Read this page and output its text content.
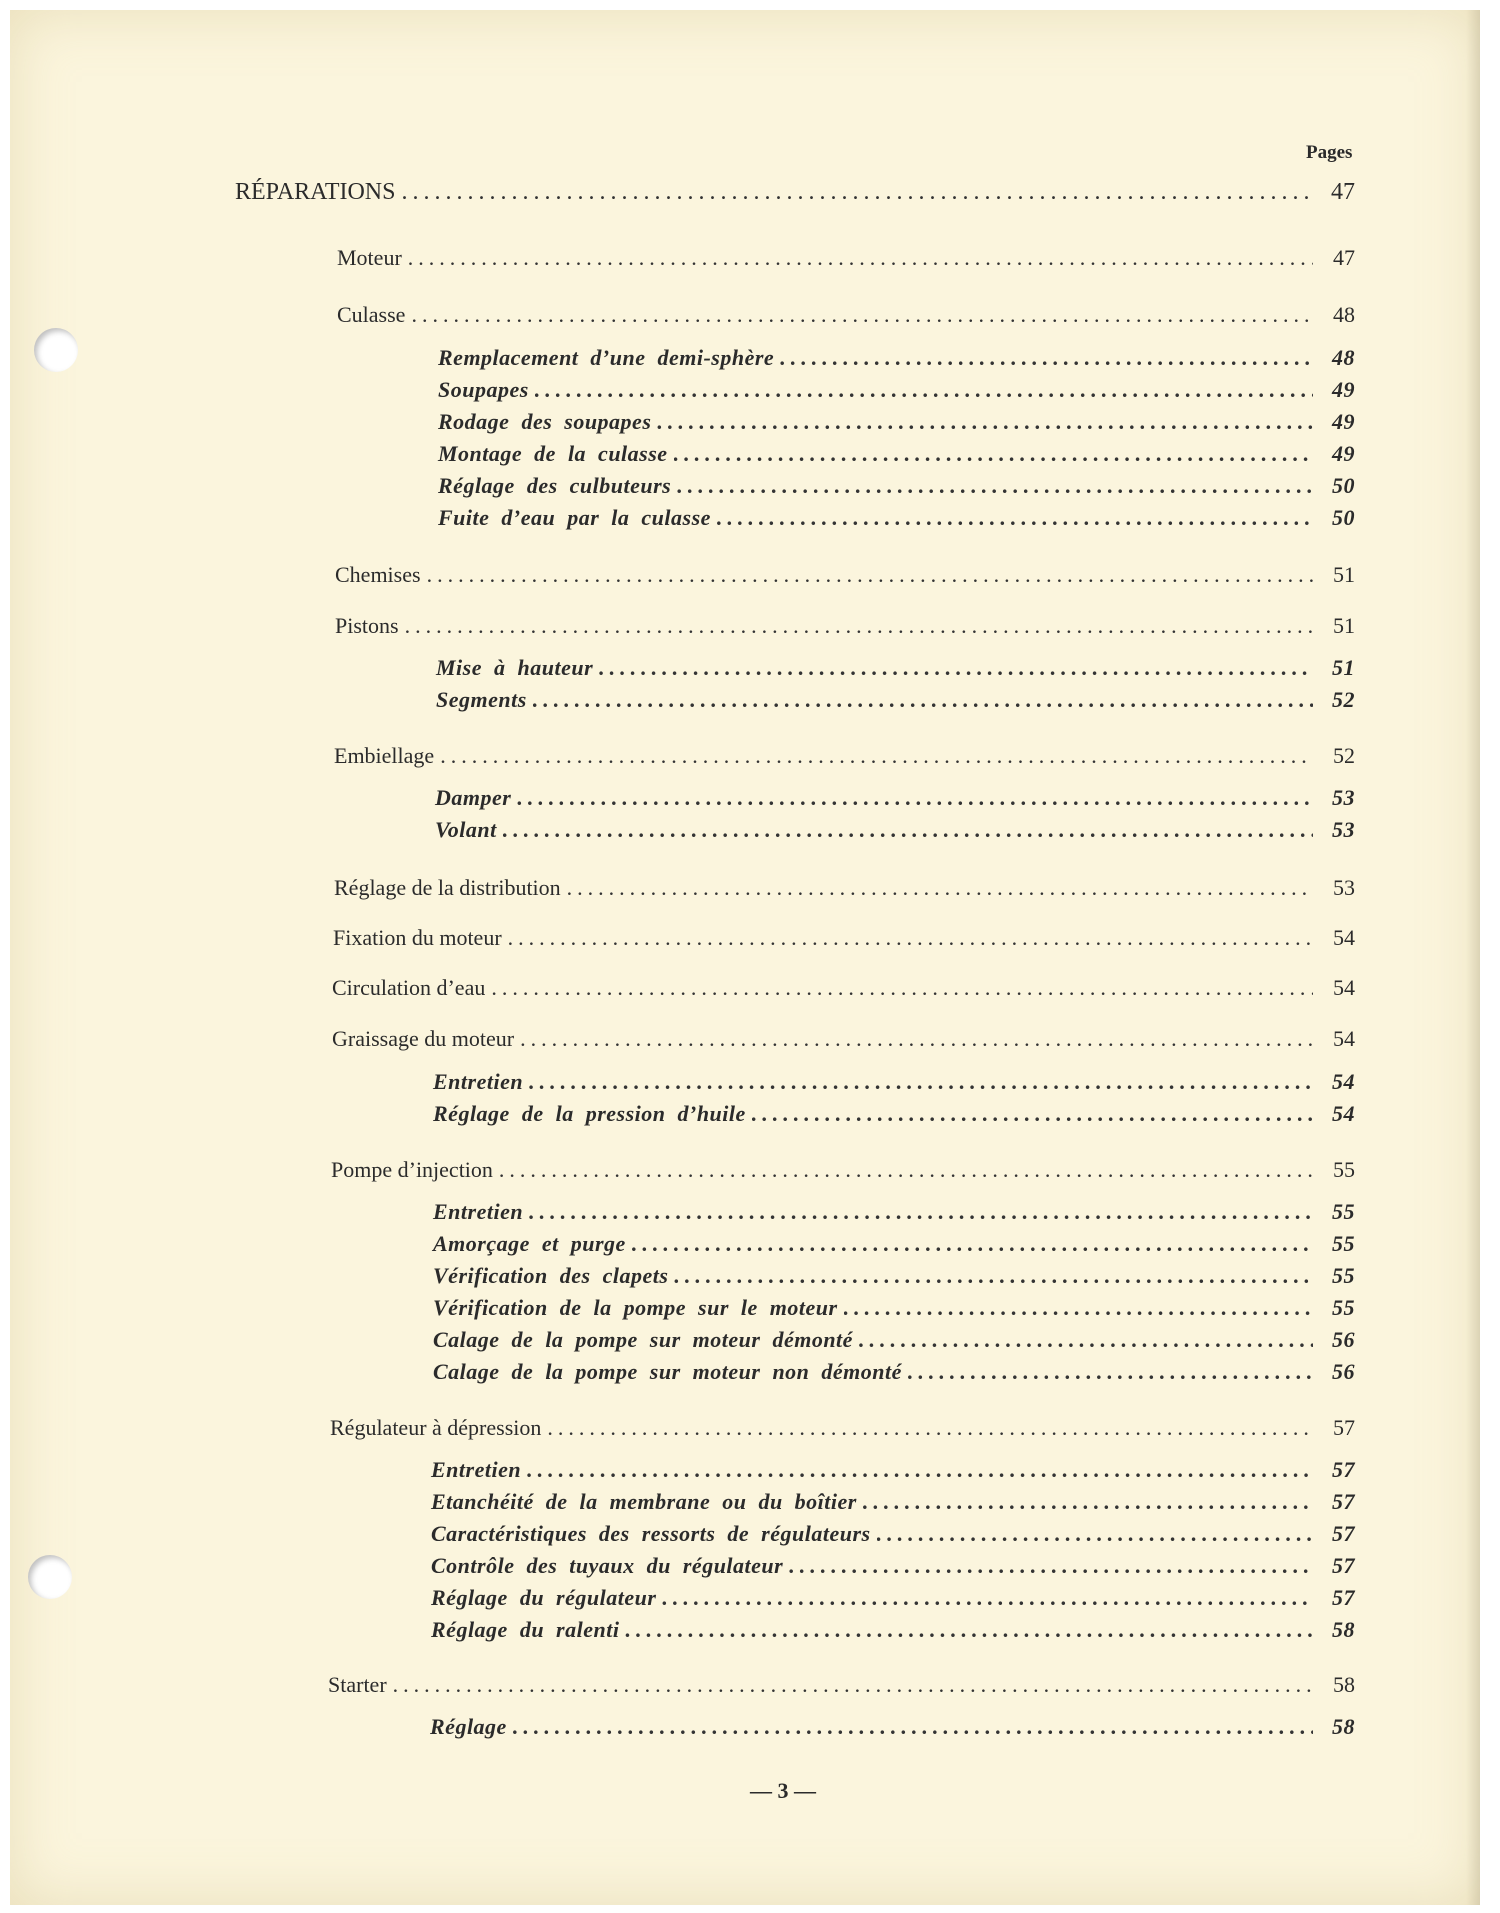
Pages
RÉPARATIONS .....	47
Moteur .....	47
Culasse .....	48
Remplacement d’une demi-sphère .....	48
Soupapes .....	49
Rodage des soupapes .....	49
Montage de la culasse .....	49
Réglage des culbuteurs .....	50
Fuite d’eau par la culasse .....	50
Chemises .....	51
Pistons .....	51
Mise à hauteur .....	51
Segments .....	52
Embiellage .....	52
Damper .....	53
Volant .....	53
Réglage de la distribution .....	53
Fixation du moteur .....	54
Circulation d’eau .....	54
Graissage du moteur .....	54
Entretien .....	54
Réglage de la pression d’huile .....	54
Pompe d’injection .....	55
Entretien .....	55
Amorçage et purge .....	55
Vérification des clapets .....	55
Vérification de la pompe sur le moteur .....	55
Calage de la pompe sur moteur démonté .....	56
Calage de la pompe sur moteur non démonté .....	56
Régulateur à dépression .....	57
Entretien .....	57
Etanchéité de la membrane ou du boîtier .....	57
Caractéristiques des ressorts de régulateurs .....	57
Contrôle des tuyaux du régulateur .....	57
Réglage du régulateur .....	57
Réglage du ralenti .....	58
Starter .....	58
Réglage .....	58
— 3 —
